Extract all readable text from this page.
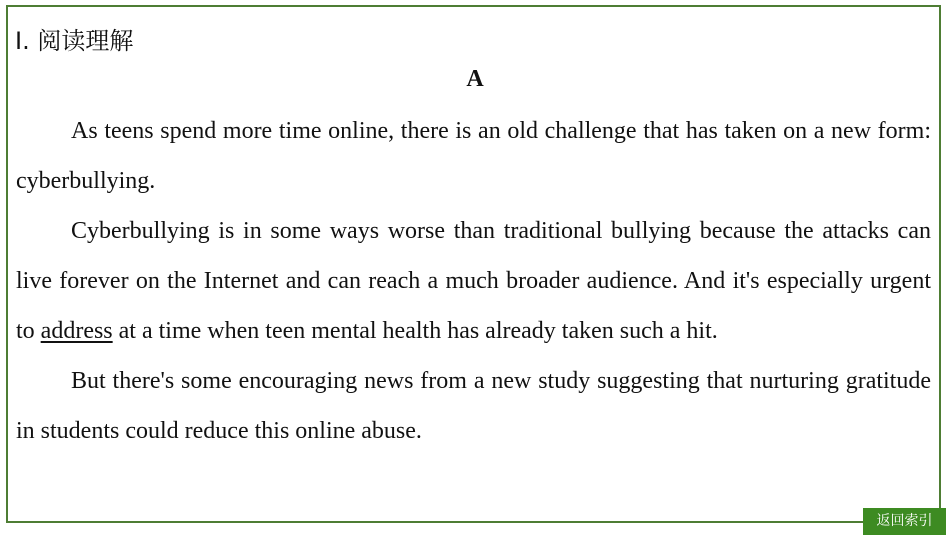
I. 阅读理解
A

As teens spend more time online, there is an old challenge that has taken on a new form: cyberbullying.

Cyberbullying is in some ways worse than traditional bullying because the attacks can live forever on the Internet and can reach a much broader audience. And it's especially urgent to address at a time when teen mental health has already taken such a hit.

But there's some encouraging news from a new study suggesting that nurturing gratitude in students could reduce this online abuse.

返回索引
